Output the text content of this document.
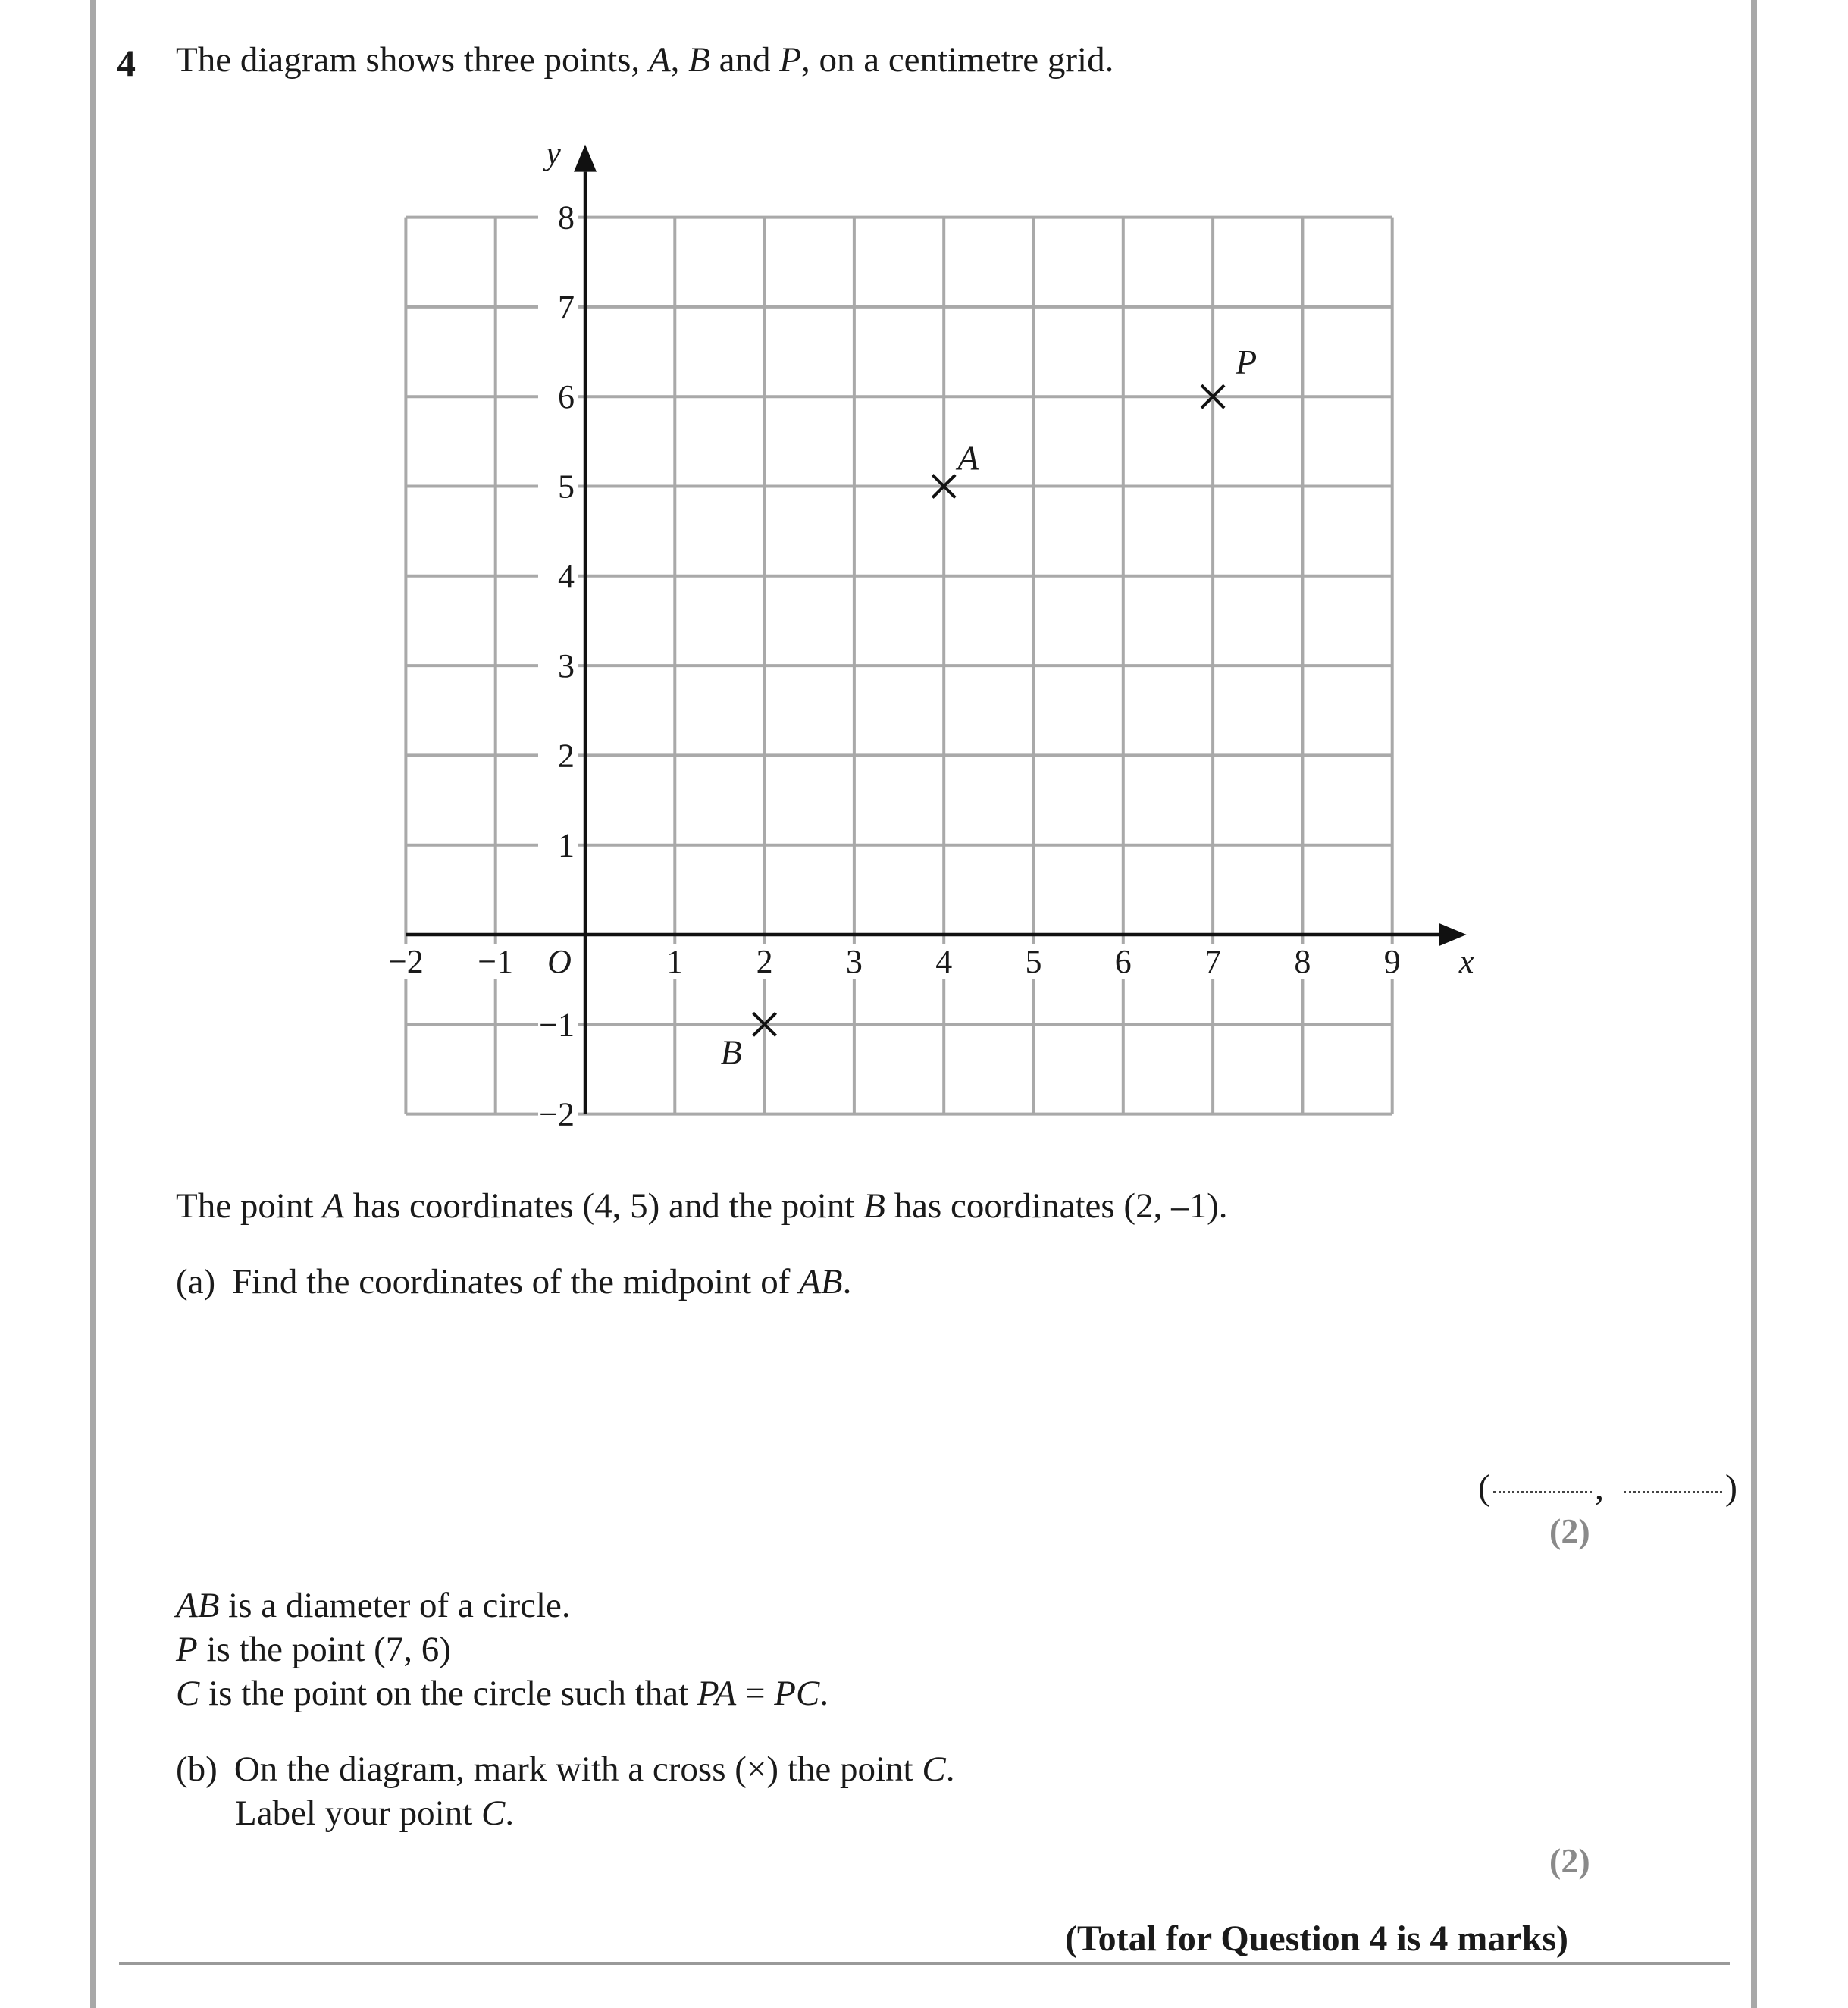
4 The diagram shows three points, A, B and P, on a centimetre grid.
−2 −1	1 2 3 4 5 6 7 8 9
8
7
6
5
4
3
2
1
−1
−2
O	x
y
A
B
P
The point A has coordinates (4, 5) and the point B has coordinates (2, –1).
(a) Find the coordinates of the midpoint of AB.
(	,	)
(2)
AB is a diameter of a circle.
P is the point (7, 6)
C is the point on the circle such that PA = PC.
(b) On the diagram, mark with a cross (×) the point C.
Label your point C.
(2)
(Total for Question 4 is 4 marks)
